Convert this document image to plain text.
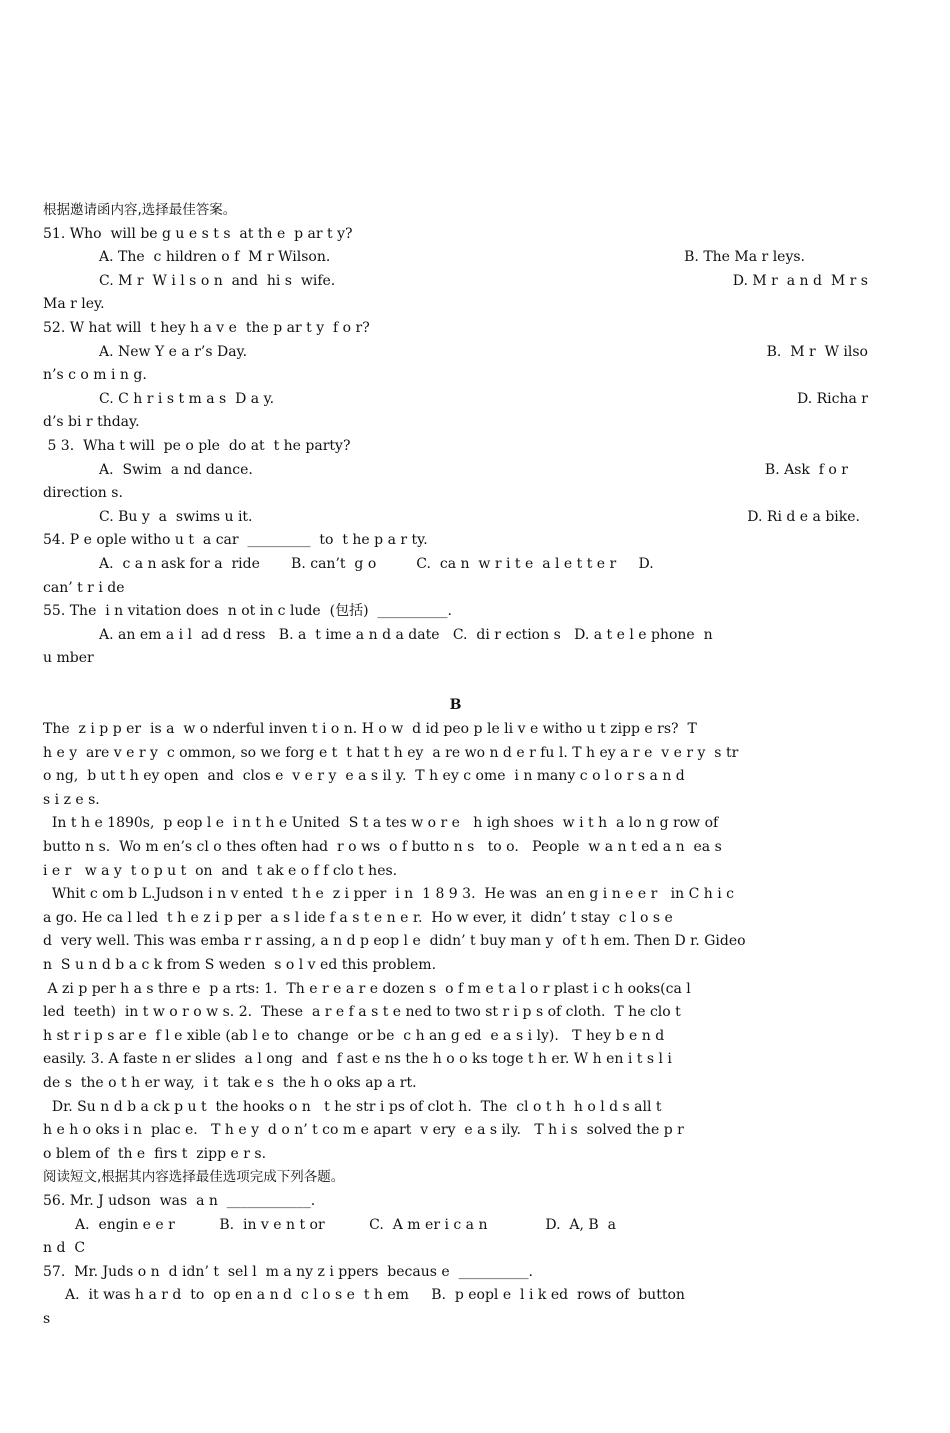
根据邀请函内容,选择最佳答案。
51. Who  will be g u e s t s  at th e  p ar t y?
A. The  c hildren o f  M r Wilson.	B. The Ma r leys.
C. M r  W i l s o n  and  hi s  wife.	D. M r  a n d  M r s
Ma r ley.
52. W hat will  t hey h a v e  the p ar t y  f o r?
A. New Y e a r’s Day.	B.  M r  W ilso
n’s c o m i n g.
C. C h r i s t m a s  D a y.	D. Richa r
d’s bi r thday.
5 3.  Wha t will  pe o ple  do at  t he party?
A.  Swim  a nd dance.	B. Ask  f o r
direction s.
C. Bu y  a  swims u it.	D. Ri d e a bike.
54. P e ople witho u t  a car  _________  to  t he p a r ty.
A.  c a n ask for a  ride       B. can’t  g o         C.  ca n  w r i t e  a l e t t e r     D.
can’ t r i de
55. The  i n vitation does  n ot in c lude  (包括)  __________.
A. an em a i l  ad d ress   B. a  t ime a n d a date   C.  di r ection s   D. a t e l e phone  n
u mber
B
The  z i p p er  is a  w o nderful inven t i o n. H o w  d id peo p le li v e witho u t zipp e rs?  T
h e y  are v e r y  c ommon, so we forg e t  t hat t h ey  a re wo n d e r fu l. T h ey a r e  v e r y  s tr
o ng,  b ut t h ey open  and  clos e  v e r y  e a s il y.  T h ey c ome  i n many c o l o r s a n d
s i z e s.
In t h e 1890s,  p eop l e  i n t h e United  S t a tes w o r e   h igh shoes  w i t h  a lo n g row of
butto n s.  Wo m en’s cl o thes often had  r o ws  o f butto n s   to o.   People  w a n t ed a n  ea s
i e r   w a y  t o p u t  on  and  t ak e o f f clo t hes.
Whit c om b L.Judson i n v ented  t h e  z i pper  i n  1 8 9 3.  He was  an en g i n e e r   in C h i c
a go. He ca l led  t h e z i p per  a s l ide f a s t e n e r.  Ho w ever, it  didn’ t stay  c l o s e
d  very well. This was emba r r assing, a n d p eop l e  didn’ t buy man y  of t h em. Then D r. Gideo
n  S u n d b a c k from S weden  s o l v ed this problem.
A zi p per h a s thre e  p a rts: 1.  Th e r e a r e dozen s  o f m e t a l o r plast i c h ooks(ca l
led  teeth)  in t w o r o w s. 2.  These  a r e f a s t e ned to two st r i p s of cloth.  T he clo t
h st r i p s ar e  f l e xible (ab l e to  change  or be  c h an g ed  e a s i ly).   T hey b e n d
easily. 3. A faste n er slides  a l ong  and  f ast e ns the h o o ks toge t h er. W h en i t s l i
de s  the o t h er way,  i t  tak e s  the h o oks ap a rt.
Dr. Su n d b a ck p u t  the hooks o n   t he str i ps of clot h.  The  cl o t h  h o l d s all t
h e h o oks i n  plac e.   T h e y  d o n’ t co m e apart  v ery  e a s ily.   T h i s  solved the p r
o blem of  th e  firs t  zipp e r s.
阅读短文,根据其内容选择最佳选项完成下列各题。
56. Mr. J udson  was  a n  ____________.
A.  engin e e r          B.  in v e n t or          C.  A m er i c a n             D.  A, B  a
n d  C
57.  Mr. Juds o n  d idn’ t  sel l  m a ny z i ppers  becaus e  __________.
A.  it was h a r d  to  op en a n d  c l o s e  t h em     B.  p eopl e  l i k ed  rows of  button
s
